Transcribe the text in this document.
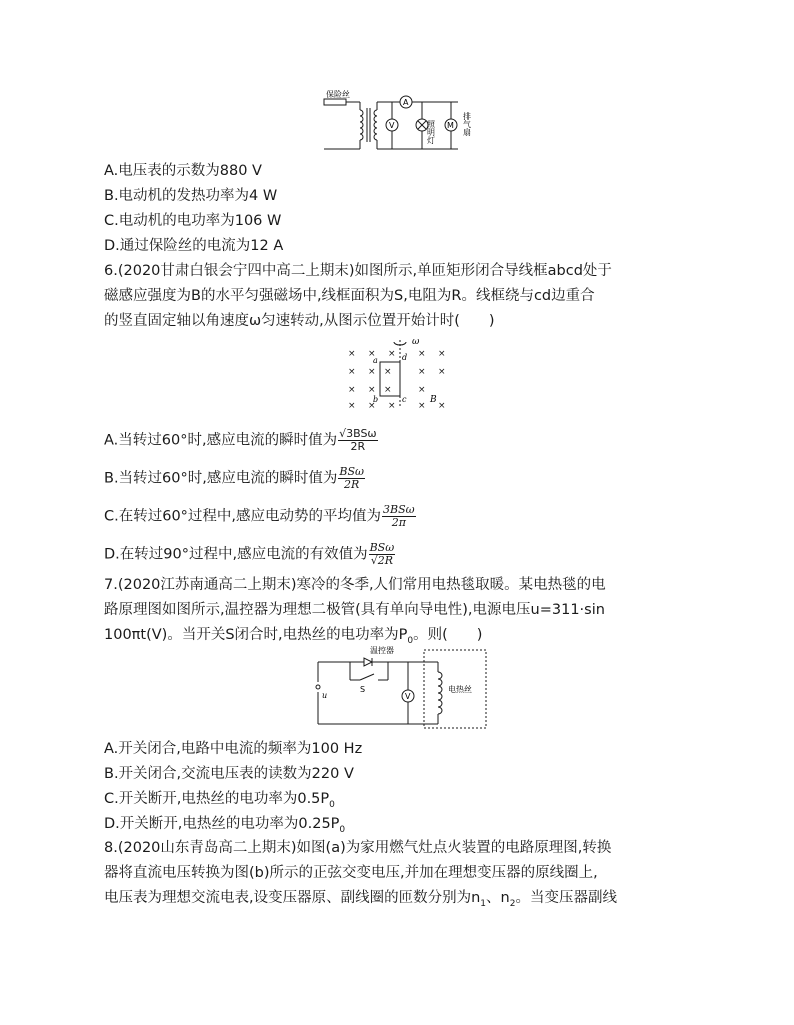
保险丝
A
V	M
照明灯	排气扇
A.电压表的示数为880 V
B.电动机的发热功率为4 W
C.电动机的电功率为106 W
D.通过保险丝的电流为12 A
6.(2020甘肃白银会宁四中高二上期末)如图所示,单匝矩形闭合导线框abcd处于
磁感应强度为B的水平匀强磁场中,线框面积为S,电阻为R。线框绕与cd边重合
的竖直固定轴以角速度ω匀速转动,从图示位置开始计时(　　)
× × × × ×
× × ×	× ×
× × ×	×
× × × × ×
ω
a	d
b	c	B
A.当转过60°时,感应电流的瞬时值为 $\frac{\text{√3BSω}}{2R}$
B.当转过60°时,感应电流的瞬时值为 $\frac{\text{BSω}}{2R}$
C.在转过60°过程中,感应电动势的平均值为 $\frac{\text{3BSω}}{2\pi}$
D.在转过90°过程中,感应电流的有效值为 $\frac{\text{BSω}}{√2R}$
7.(2020江苏南通高二上期末)寒冷的冬季,人们常用电热毯取暖。某电热毯的电
路原理图如图所示,温控器为理想二极管(具有单向导电性),电源电压u=311·sin
100πt(V)。当开关S闭合时,电热丝的电功率为$P_0$。则(　　)
温控器
S
u	V
电热丝
A.开关闭合,电路中电流的频率为100 Hz
B.开关闭合,交流电压表的读数为220 V
C.开关断开,电热丝的电功率为$0.5P_0$
D.开关断开,电热丝的电功率为$0.25P_0$
8.(2020山东青岛高二上期末)如图(a)为家用燃气灶点火装置的电路原理图,转换
器将直流电压转换为图(b)所示的正弦交变电压,并加在理想变压器的原线圈上,
电压表为理想交流电表,设变压器原、副线圈的匝数分别为$n_1$、$n_2$。当变压器副线
